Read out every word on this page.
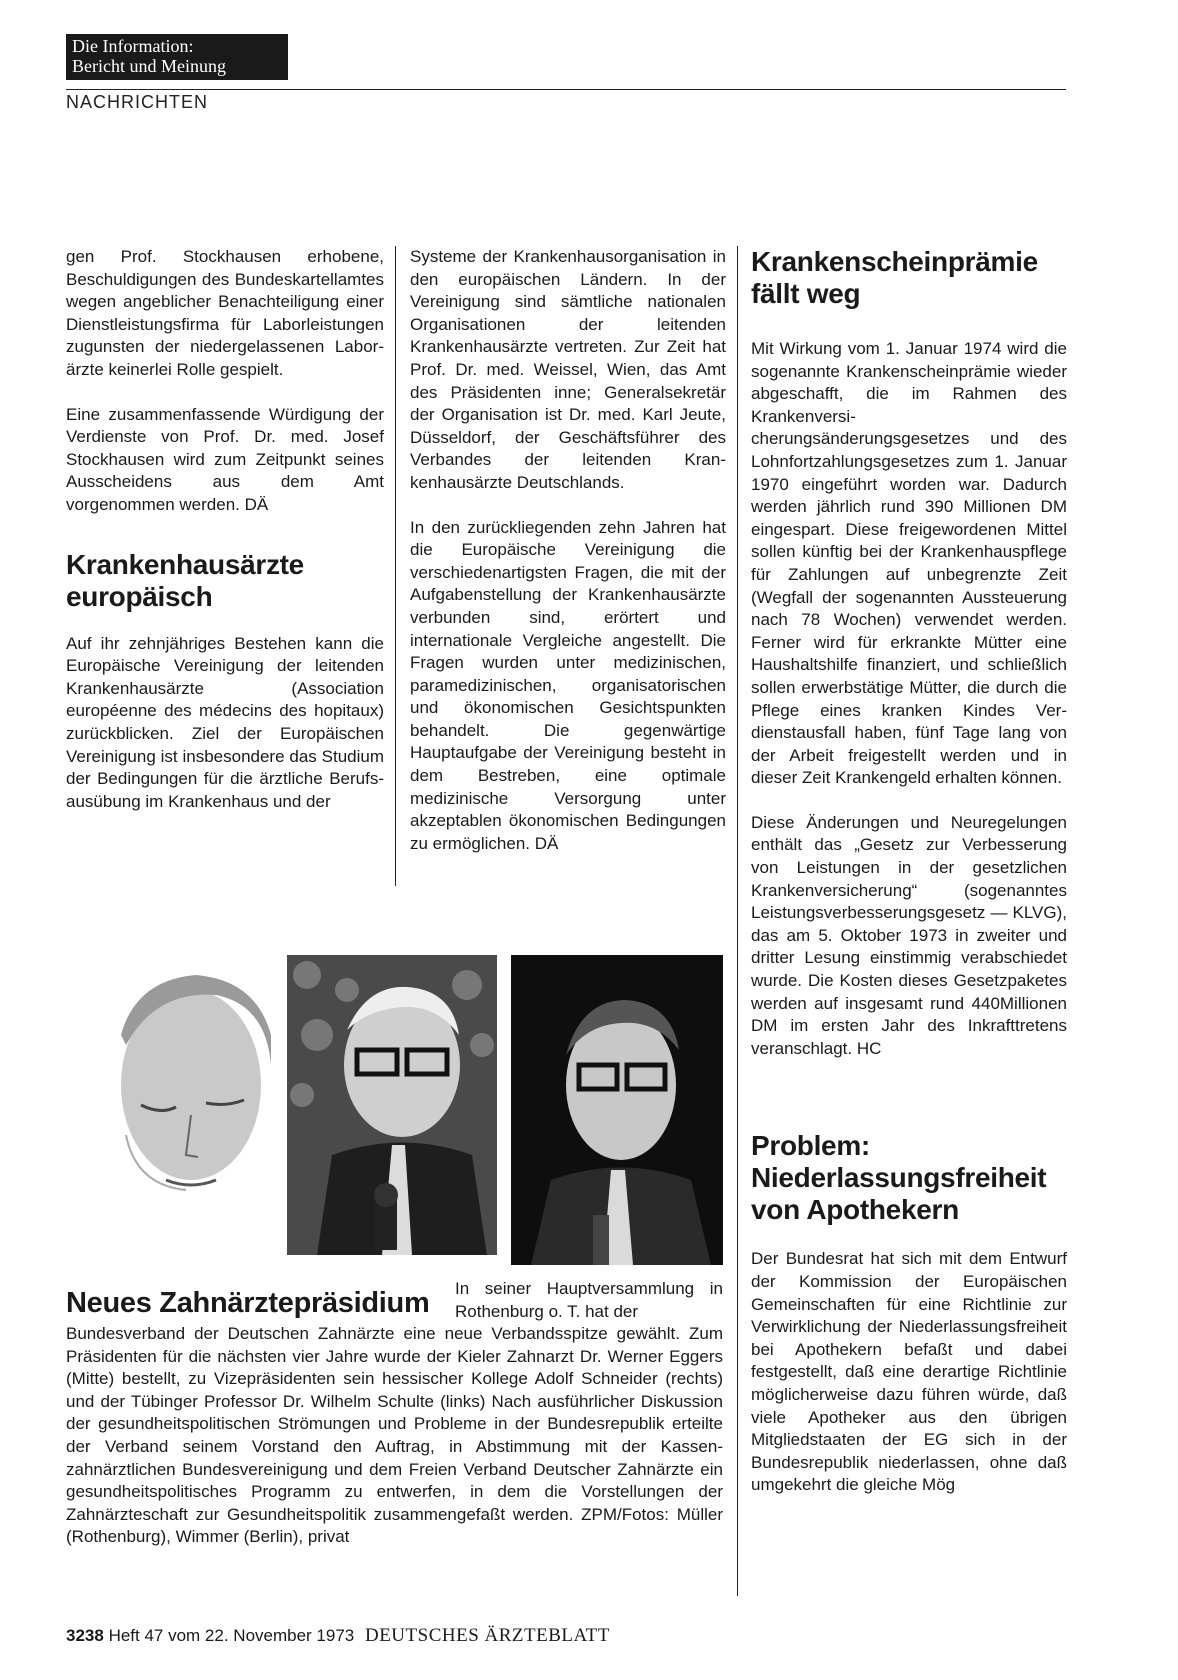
Die Information:
Bericht und Meinung
NACHRICHTEN

gen Prof. Stockhausen erhobene, Beschuldigungen des Bundeskartellamtes wegen angeblicher Benachteiligung einer Dienstleistungsfirma für Laborleistungen zugunsten der niedergelassenen Laborärzte keinerlei Rolle gespielt.

Eine zusammenfassende Würdigung der Verdienste von Prof. Dr. med. Josef Stockhausen wird zum Zeitpunkt seines Ausscheidens aus dem Amt vorgenommen werden. DÄ

Krankenhausärzte europäisch

Auf ihr zehnjähriges Bestehen kann die Europäische Vereinigung der leitenden Krankenhausärzte (Association européenne des médecins des hopitaux) zurückblicken. Ziel der Europäischen Vereinigung ist insbesondere das Studium der Bedingungen für die ärztliche Berufsausübung im Krankenhaus und der

Systeme der Krankenhausorganisation in den europäischen Ländern. In der Vereinigung sind sämtliche nationalen Organisationen der leitenden Krankenhausärzte vertreten. Zur Zeit hat Prof. Dr. med. Weissel, Wien, das Amt des Präsidenten inne; Generalsekretär der Organisation ist Dr. med. Karl Jeute, Düsseldorf, der Geschäftsführer des Verbandes der leitenden Krankenhausärzte Deutschlands.

In den zurückliegenden zehn Jahren hat die Europäische Vereinigung die verschiedenartigsten Fragen, die mit der Aufgabenstellung der Krankenhausärzte verbunden sind, erörtert und internationale Vergleiche angestellt. Die Fragen wurden unter medizinischen, paramedizinischen, organisatorischen und ökonomischen Gesichtspunkten behandelt. Die gegenwärtige Hauptaufgabe der Vereinigung besteht in dem Bestreben, eine optimale medizinische Versorgung unter akzeptablen ökonomischen Bedingungen zu ermöglichen. DÄ

Krankenscheinprämie fällt weg

Mit Wirkung vom 1. Januar 1974 wird die sogenannte Krankenscheinprämie wieder abgeschafft, die im Rahmen des Krankenversicherungsänderungsgesetzes und des Lohnfortzahlungsgesetzes zum 1. Januar 1970 eingeführt worden war. Dadurch werden jährlich rund 390 Millionen DM eingespart. Diese freigewordenen Mittel sollen künftig bei der Krankenhauspflege für Zahlungen auf unbegrenzte Zeit (Wegfall der sogenannten Aussteuerung nach 78 Wochen) verwendet werden. Ferner wird für erkrankte Mütter eine Haushaltshilfe finanziert, und schließlich sollen erwerbstätige Mütter, die durch die Pflege eines kranken Kindes Verdienstausfall haben, fünf Tage lang von der Arbeit freigestellt werden und in dieser Zeit Krankengeld erhalten können.

Diese Änderungen und Neuregelungen enthält das „Gesetz zur Verbesserung von Leistungen in der gesetzlichen Krankenversicherung“ (sogenanntes Leistungsverbesserungsgesetz — KLVG), das am 5. Oktober 1973 in zweiter und dritter Lesung einstimmig verabschiedet wurde. Die Kosten dieses Gesetzpaketes werden auf insgesamt rund 440Millionen DM im ersten Jahr des Inkrafttretens veranschlagt. HC

Problem: Niederlassungsfreiheit von Apothekern

Der Bundesrat hat sich mit dem Entwurf der Kommission der Europäischen Gemeinschaften für eine Richtlinie zur Verwirklichung der Niederlassungsfreiheit bei Apothekern befaßt und dabei festgestellt, daß eine derartige Richtlinie möglicherweise dazu führen würde, daß viele Apotheker aus den übrigen Mitgliedstaaten der EG sich in der Bundesrepublik niederlassen, ohne daß umgekehrt die gleiche Mög

Neues Zahnärztepräsidium In seiner Hauptversammlung in Rothenburg o. T. hat der
Bundesverband der Deutschen Zahnärzte eine neue Verbandsspitze gewählt. Zum Präsidenten für die nächsten vier Jahre wurde der Kieler Zahnarzt Dr. Werner Eggers (Mitte) bestellt, zu Vizepräsidenten sein hessischer Kollege Adolf Schneider (rechts) und der Tübinger Professor Dr. Wilhelm Schulte (links) Nach ausführlicher Diskussion der gesundheitspolitischen Strömungen und Probleme in der Bundesrepublik erteilte der Verband seinem Vorstand den Auftrag, in Abstimmung mit der Kassenzahnärztlichen Bundesvereinigung und dem Freien Verband Deutscher Zahnärzte ein gesundheitspolitisches Programm zu entwerfen, in dem die Vorstellungen der Zahnärzteschaft zur Gesundheitspolitik zusammengefaßt werden. ZPM/Fotos: Müller (Rothenburg), Wimmer (Berlin), privat
3238 Heft 47 vom 22. November 1973 DEUTSCHES ÄRZTEBLATT
